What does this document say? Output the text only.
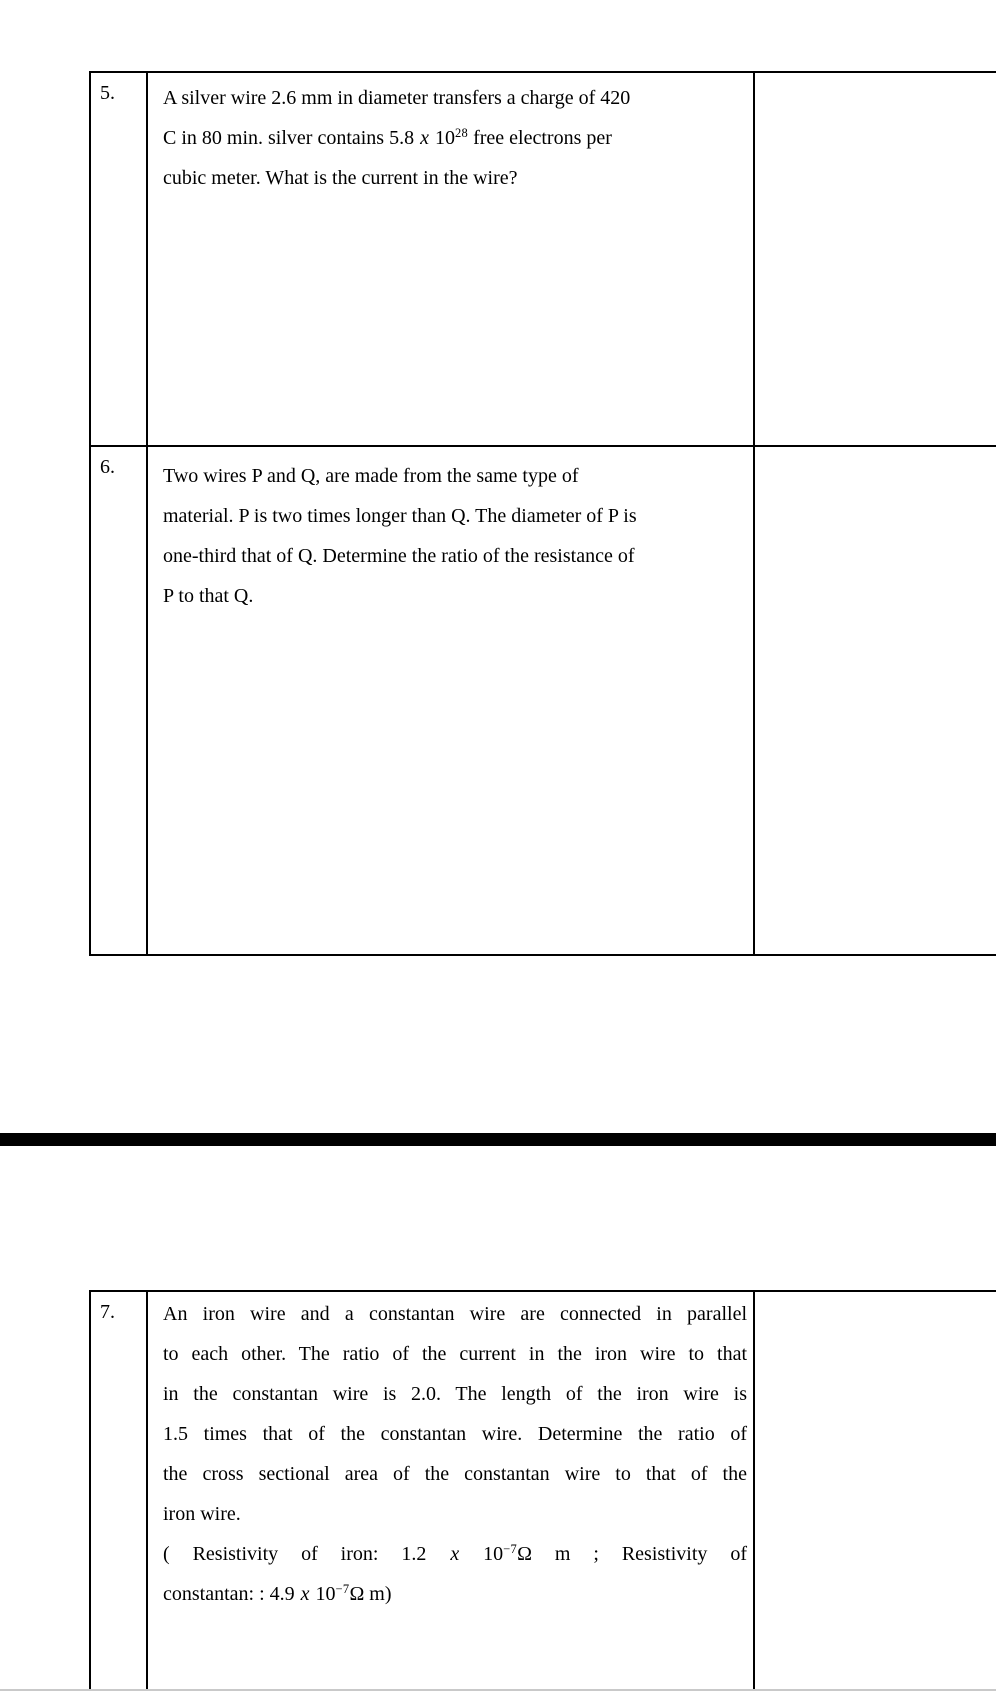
5.	A silver wire 2.6 mm in diameter transfers a charge of 420
C in 80 min. silver contains 5.8 x $10^{28}$ free electrons per
cubic meter. What is the current in the wire?
6.	Two wires P and Q, are made from the same type of
material. P is two times longer than Q. The diameter of P is
one-third that of Q. Determine the ratio of the resistance of
P to that Q.
7.	An iron wire and a constantan wire are connected in parallel
to each other. The ratio of the current in the iron wire to that
in the constantan wire is 2.0. The length of the iron wire is
1.5 times that of the constantan wire. Determine the ratio of
the cross sectional area of the constantan wire to that of the
iron wire.
( Resistivity of iron: 1.2 x $10^{-7}\Omega$ m ; Resistivity of
constantan: : 4.9 x $10^{-7}\Omega$ m)
